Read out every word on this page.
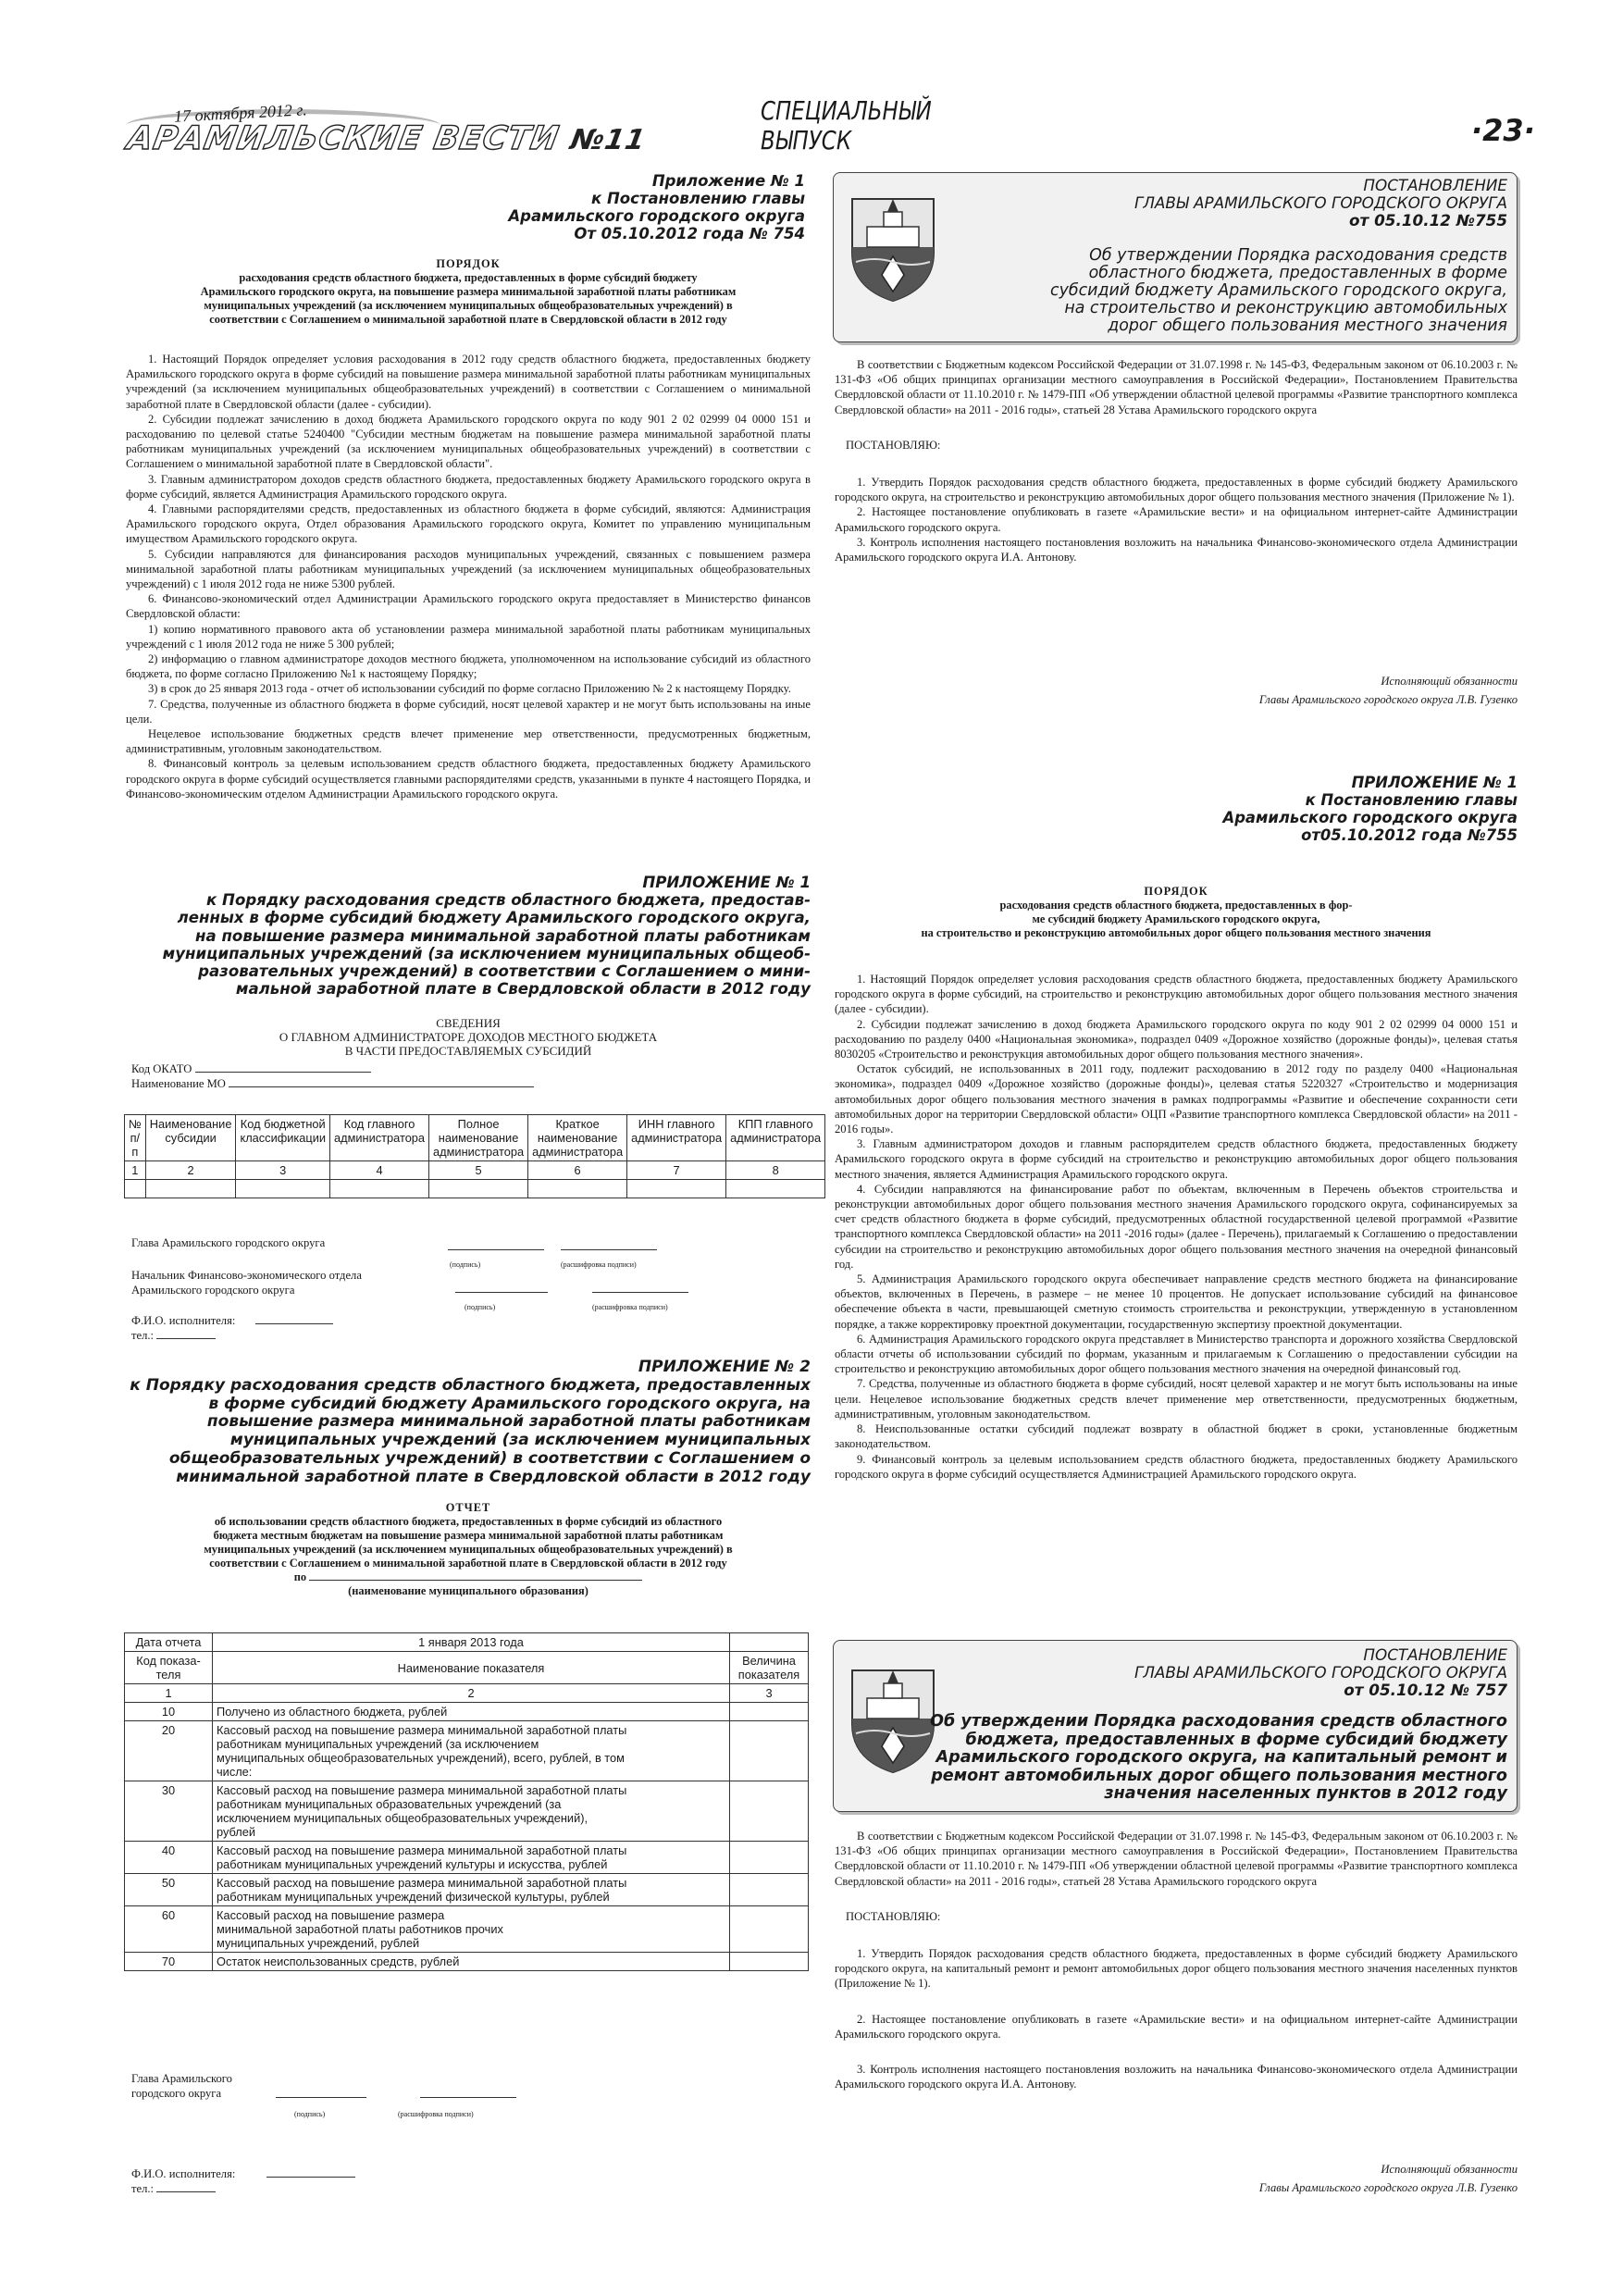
17 октября 2012 г.
АРАМИЛЬСКИЕ ВЕСТИ №11
СПЕЦИАЛЬНЫЙ
ВЫПУСК	·23·
Приложение № 1
к Постановлению главы
Арамильского городского округа
От 05.10.2012 года № 754
ПОРЯДОК
расходования средств областного бюджета, предоставленных в форме субсидий бюджету
Арамильского городского округа, на повышение размера минимальной заработной платы работникам
муниципальных учреждений (за исключением муниципальных общеобразовательных учреждений) в
соответствии с Соглашением о минимальной заработной плате в Свердловской области в 2012 году

1. Настоящий Порядок определяет условия расходования в 2012 году средств областного бюджета, предоставленных бюджету Арамильского городского округа в форме субсидий на повышение размера минимальной заработной платы работникам муниципальных учреждений (за исключением муниципальных общеобразовательных учреждений) в соответствии с Соглашением о минимальной заработной плате в Свердловской области (далее - субсидии).

2. Субсидии подлежат зачислению в доход бюджета Арамильского городского округа по коду 901 2 02 02999 04 0000 151 и расходованию по целевой статье 5240400 "Субсидии местным бюджетам на повышение размера минимальной заработной платы работникам муниципальных учреждений (за исключением муниципальных общеобразовательных учреждений) в соответствии с Соглашением о минимальной заработной плате в Свердловской области".

3. Главным администратором доходов средств областного бюджета, предоставленных бюджету Арамильского городского округа в форме субсидий, является Администрация Арамильского городского округа.

4. Главными распорядителями средств, предоставленных из областного бюджета в форме субсидий, являются: Администрация Арамильского городского округа, Отдел образования Арамильского городского округа, Комитет по управлению муниципальным имуществом Арамильского городского округа.

5. Субсидии направляются для финансирования расходов муниципальных учреждений, связанных с повышением размера минимальной заработной платы работникам муниципальных учреждений (за исключением муниципальных общеобразовательных учреждений) с 1 июля 2012 года не ниже 5300 рублей.

6. Финансово-экономический отдел Администрации Арамильского городского округа предоставляет в Министерство финансов Свердловской области:

1) копию нормативного правового акта об установлении размера минимальной заработной платы работникам муниципальных учреждений с 1 июля 2012 года не ниже 5 300 рублей;

2) информацию о главном администраторе доходов местного бюджета, уполномоченном на использование субсидий из областного бюджета, по форме согласно Приложению №1 к настоящему Порядку;

3) в срок до 25 января 2013 года - отчет об использовании субсидий по форме согласно Приложению № 2 к настоящему Порядку.

7. Средства, полученные из областного бюджета в форме субсидий, носят целевой характер и не могут быть использованы на иные цели.

Нецелевое использование бюджетных средств влечет применение мер ответственности, предусмотренных бюджетным, административным, уголовным законодательством.

8. Финансовый контроль за целевым использованием средств областного бюджета, предоставленных бюджету Арамильского городского округа в форме субсидий осуществляется главными распорядителями средств, указанными в пункте 4 настоящего Порядка, и Финансово-экономическим отделом Администрации Арамильского городского округа.

ПРИЛОЖЕНИЕ № 1
к Порядку расходования средств областного бюджета, предостав-
ленных в форме субсидий бюджету Арамильского городского округа,
на повышение размера минимальной заработной платы работникам
муниципальных учреждений (за исключением муниципальных общеоб-
разовательных учреждений) в соответствии с Соглашением о мини-
мальной заработной плате в Свердловской области в 2012 году
СВЕДЕНИЯ
О ГЛАВНОМ АДМИНИСТРАТОРЕ ДОХОДОВ МЕСТНОГО БЮДЖЕТА
В ЧАСТИ ПРЕДОСТАВЛЯЕМЫХ СУБСИДИЙ
Код ОКАТО
Наименование МО
№ п/п	Наименование субсидии	Код бюджетной классификации	Код главного администратора	Полное наименование администратора	Краткое наименование администратора	ИНН главного администратора	КПП главного администратора
1	2	3	4	5	6	7	8

Глава Арамильского городского округа
(подпись)	(расшифровка подписи)
Начальник Финансово-экономического отдела
Арамильского городского округа
(подпись)	(расшифровка подписи)
Ф.И.О. исполнителя:
тел.:
ПРИЛОЖЕНИЕ № 2
к Порядку расходования средств областного бюджета, предоставленных
в форме субсидий бюджету Арамильского городского округа, на
повышение размера минимальной заработной платы работникам
муниципальных учреждений (за исключением муниципальных
общеобразовательных учреждений) в соответствии с Соглашением о
минимальной заработной плате в Свердловской области в 2012 году
ОТЧЕТ
об использовании средств областного бюджета, предоставленных в форме субсидий из областного
бюджета местным бюджетам на повышение размера минимальной заработной платы работникам
муниципальных учреждений (за исключением муниципальных общеобразовательных учреждений) в
соответствии с Соглашением о минимальной заработной плате в Свердловской области в 2012 году
по
(наименование муниципального образования)
Дата отчета	1 января 2013 года	
Код показа-теля	Наименование показателя	Величина показателя
1	2	3
10	Получено из областного бюджета, рублей	
20	Кассовый расход на повышение размера минимальной заработной платы работникам муниципальных учреждений (за исключением муниципальных общеобразовательных учреждений), всего, рублей, в том числе:	
30	Кассовый расход на повышение размера минимальной заработной платы работникам муниципальных образовательных учреждений (за исключением муниципальных общеобразовательных учреждений), рублей	
40	Кассовый расход на повышение размера минимальной заработной платы работникам муниципальных учреждений культуры и искусства, рублей	
50	Кассовый расход на повышение размера минимальной заработной платы работникам муниципальных учреждений физической культуры, рублей	
60	Кассовый расход на повышение размера минимальной заработной платы работников прочих муниципальных учреждений, рублей	
70	Остаток неиспользованных средств, рублей	
Глава Арамильского
городского округа
(подпись)	(расшифровка подписи)
Ф.И.О. исполнителя:
тел.:
ПОСТАНОВЛЕНИЕ
ГЛАВЫ АРАМИЛЬСКОГО ГОРОДСКОГО ОКРУГА
от 05.10.12 №755
Об утверждении Порядка расходования средств
областного бюджета, предоставленных в форме
субсидий бюджету Арамильского городского округа,
на строительство и реконструкцию автомобильных
дорог общего пользования местного значения

В соответствии с Бюджетным кодексом Российской Федерации от 31.07.1998 г. № 145-ФЗ, Федеральным законом от 06.10.2003 г. № 131-ФЗ «Об общих принципах организации местного самоуправления в Российской Федерации», Постановлением Правительства Свердловской области от 11.10.2010 г. № 1479-ПП «Об утверждении областной целевой программы «Развитие транспортного комплекса Свердловской области» на 2011 - 2016 годы», статьей 28 Устава Арамильского городского округа

ПОСТАНОВЛЯЮ:

1. Утвердить Порядок расходования средств областного бюджета, предоставленных в форме субсидий бюджету Арамильского городского округа, на строительство и реконструкцию автомобильных дорог общего пользования местного значения (Приложение № 1).

2. Настоящее постановление опубликовать в газете «Арамильские вести» и на официальном интернет-сайте Администрации Арамильского городского округа.

3. Контроль исполнения настоящего постановления возложить на начальника Финансово-экономического отдела Администрации Арамильского городского округа И.А. Антонову.

Исполняющий обязанности
Главы Арамильского городского округа Л.В. Гузенко
ПРИЛОЖЕНИЕ № 1
к Постановлению главы
Арамильского городского округа
от05.10.2012 года №755
ПОРЯДОК
расходования средств областного бюджета, предоставленных в фор-
ме субсидий бюджету Арамильского городского округа,
на строительство и реконструкцию автомобильных дорог общего пользования местного значения

1. Настоящий Порядок определяет условия расходования средств областного бюджета, предоставленных бюджету Арамильского городского округа в форме субсидий, на строительство и реконструкцию автомобильных дорог общего пользования местного значения (далее - субсидии).

2. Субсидии подлежат зачислению в доход бюджета Арамильского городского округа по коду 901 2 02 02999 04 0000 151 и расходованию по разделу 0400 «Национальная экономика», подраздел 0409 «Дорожное хозяйство (дорожные фонды)», целевая статья 8030205 «Строительство и реконструкция автомобильных дорог общего пользования местного значения».

Остаток субсидий, не использованных в 2011 году, подлежит расходованию в 2012 году по разделу 0400 «Национальная экономика», подраздел 0409 «Дорожное хозяйство (дорожные фонды)», целевая статья 5220327 «Строительство и модернизация автомобильных дорог общего пользования местного значения в рамках подпрограммы «Развитие и обеспечение сохранности сети автомобильных дорог на территории Свердловской области» ОЦП «Развитие транспортного комплекса Свердловской области» на 2011 - 2016 годы».

3. Главным администратором доходов и главным распорядителем средств областного бюджета, предоставленных бюджету Арамильского городского округа в форме субсидий на строительство и реконструкцию автомобильных дорог общего пользования местного значения, является Администрация Арамильского городского округа.

4. Субсидии направляются на финансирование работ по объектам, включенным в Перечень объектов строительства и реконструкции автомобильных дорог общего пользования местного значения Арамильского городского округа, софинансируемых за счет средств областного бюджета в форме субсидий, предусмотренных областной государственной целевой программой «Развитие транспортного комплекса Свердловской области» на 2011 -2016 годы» (далее - Перечень), прилагаемый к Соглашению о предоставлении субсидии на строительство и реконструкцию автомобильных дорог общего пользования местного значения на очередной финансовый год.

5. Администрация Арамильского городского округа обеспечивает направление средств местного бюджета на финансирование объектов, включенных в Перечень, в размере – не менее 10 процентов. Не допускает использование субсидий на финансовое обеспечение объекта в части, превышающей сметную стоимость строительства и реконструкции, утвержденную в установленном порядке, а также корректировку проектной документации, государственную экспертизу проектной документации.

6. Администрация Арамильского городского округа представляет в Министерство транспорта и дорожного хозяйства Свердловской области отчеты об использовании субсидий по формам, указанным и прилагаемым к Соглашению о предоставлении субсидии на строительство и реконструкцию автомобильных дорог общего пользования местного значения на очередной финансовый год.

7. Средства, полученные из областного бюджета в форме субсидий, носят целевой характер и не могут быть использованы на иные цели. Нецелевое использование бюджетных средств влечет применение мер ответственности, предусмотренных бюджетным, административным, уголовным законодательством.

8. Неиспользованные остатки субсидий подлежат возврату в областной бюджет в сроки, установленные бюджетным законодательством.

9. Финансовый контроль за целевым использованием средств областного бюджета, предоставленных бюджету Арамильского городского округа в форме субсидий осуществляется Администрацией Арамильского городского округа.

ПОСТАНОВЛЕНИЕ
ГЛАВЫ АРАМИЛЬСКОГО ГОРОДСКОГО ОКРУГА
от 05.10.12 № 757
Об утверждении Порядка расходования средств областного
бюджета, предоставленных в форме субсидий бюджету
Арамильского городского округа, на капитальный ремонт и
ремонт автомобильных дорог общего пользования местного
значения населенных пунктов в 2012 году

В соответствии с Бюджетным кодексом Российской Федерации от 31.07.1998 г. № 145-ФЗ, Федеральным законом от 06.10.2003 г. № 131-ФЗ «Об общих принципах организации местного самоуправления в Российской Федерации», Постановлением Правительства Свердловской области от 11.10.2010 г. № 1479-ПП «Об утверждении областной целевой программы «Развитие транспортного комплекса Свердловской области» на 2011 - 2016 годы», статьей 28 Устава Арамильского городского округа

ПОСТАНОВЛЯЮ:

1. Утвердить Порядок расходования средств областного бюджета, предоставленных в форме субсидий бюджету Арамильского городского округа, на капитальный ремонт и ремонт автомобильных дорог общего пользования местного значения населенных пунктов (Приложение № 1).

2. Настоящее постановление опубликовать в газете «Арамильские вести» и на официальном интернет-сайте Администрации Арамильского городского округа.

3. Контроль исполнения настоящего постановления возложить на начальника Финансово-экономического отдела Администрации Арамильского городского округа И.А. Антонову.

Исполняющий обязанности
Главы Арамильского городского округа Л.В. Гузенко
